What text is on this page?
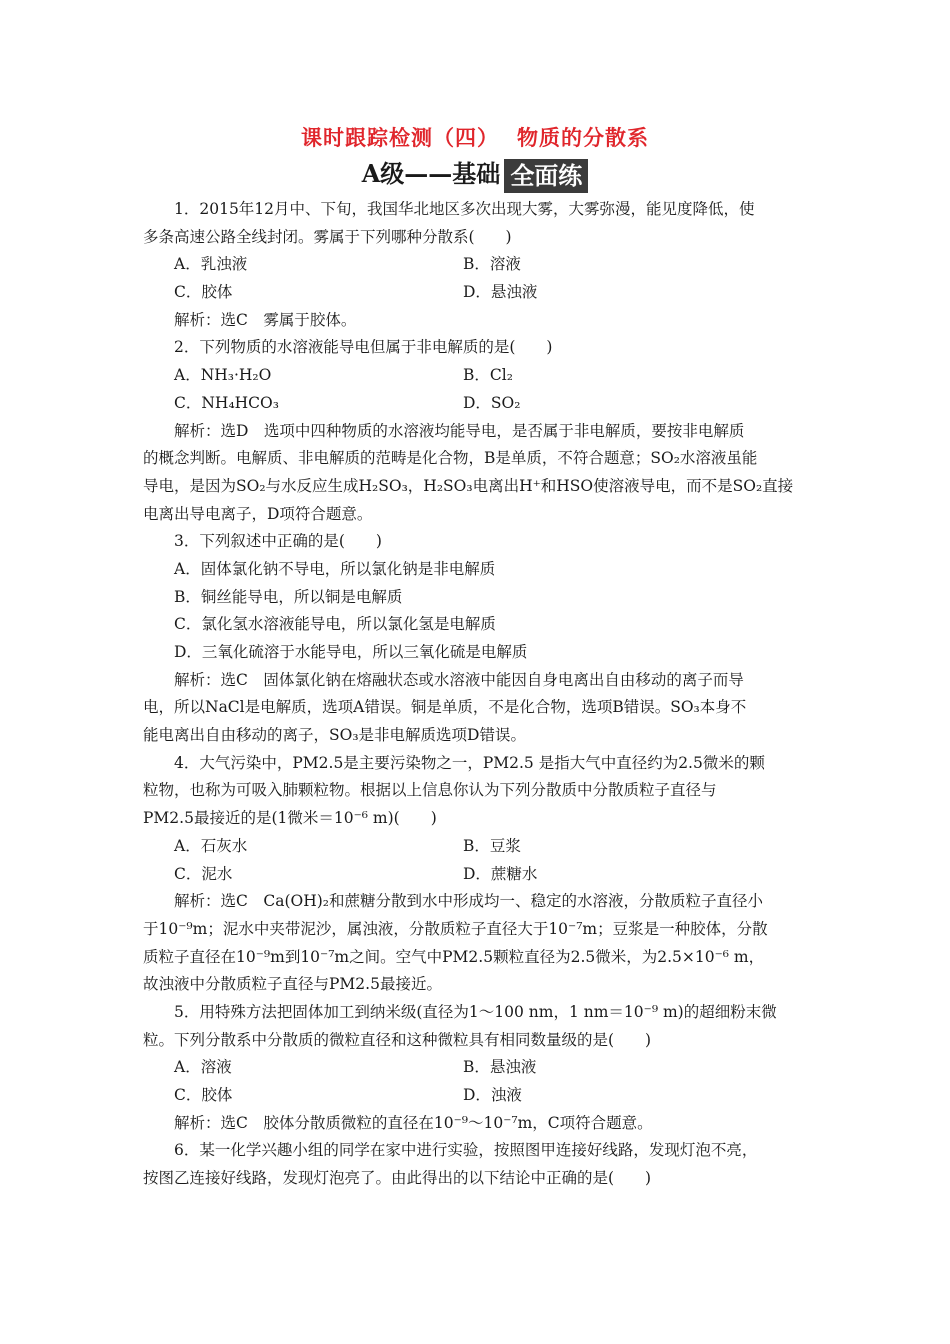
课时跟踪检测（四） 物质的分散系
A级——基础 全面练
1．2015年12月中、下旬，我国华北地区多次出现大雾，大雾弥漫，能见度降低，使
多条高速公路全线封闭。雾属于下列哪种分散系(　　)
A．乳浊液	B．溶液
C．胶体	D．悬浊液
解析：选C　雾属于胶体。
2．下列物质的水溶液能导电但属于非电解质的是(　　)
A．NH₃·H₂O	B．Cl₂
C．NH₄HCO₃	D．SO₂
解析：选D　选项中四种物质的水溶液均能导电，是否属于非电解质，要按非电解质
的概念判断。电解质、非电解质的范畴是化合物，B是单质，不符合题意；SO₂水溶液虽能
导电，是因为SO₂与水反应生成H₂SO₃，H₂SO₃电离出H⁺和HSO使溶液导电，而不是SO₂直接
电离出导电离子，D项符合题意。
3．下列叙述中正确的是(　　)
A．固体氯化钠不导电，所以氯化钠是非电解质
B．铜丝能导电，所以铜是电解质
C．氯化氢水溶液能导电，所以氯化氢是电解质
D．三氧化硫溶于水能导电，所以三氧化硫是电解质
解析：选C　固体氯化钠在熔融状态或水溶液中能因自身电离出自由移动的离子而导
电，所以NaCl是电解质，选项A错误。铜是单质，不是化合物，选项B错误。SO₃本身不
能电离出自由移动的离子，SO₃是非电解质选项D错误。
4．大气污染中，PM2.5是主要污染物之一，PM2.5 是指大气中直径约为2.5微米的颗
粒物，也称为可吸入肺颗粒物。根据以上信息你认为下列分散质中分散质粒子直径与
PM2.5最接近的是(1微米＝10⁻⁶ m)(　　)
A．石灰水	B．豆浆
C．泥水	D．蔗糖水
解析：选C　Ca(OH)₂和蔗糖分散到水中形成均一、稳定的水溶液，分散质粒子直径小
于10⁻⁹m；泥水中夹带泥沙，属浊液，分散质粒子直径大于10⁻⁷m；豆浆是一种胶体，分散
质粒子直径在10⁻⁹m到10⁻⁷m之间。空气中PM2.5颗粒直径为2.5微米，为2.5×10⁻⁶ m，
故浊液中分散质粒子直径与PM2.5最接近。
5．用特殊方法把固体加工到纳米级(直径为1～100 nm，1 nm＝10⁻⁹ m)的超细粉末微
粒。下列分散系中分散质的微粒直径和这种微粒具有相同数量级的是(　　)
A．溶液	B．悬浊液
C．胶体	D．浊液
解析：选C　胶体分散质微粒的直径在10⁻⁹～10⁻⁷m，C项符合题意。
6．某一化学兴趣小组的同学在家中进行实验，按照图甲连接好线路，发现灯泡不亮，
按图乙连接好线路，发现灯泡亮了。由此得出的以下结论中正确的是(　　)
